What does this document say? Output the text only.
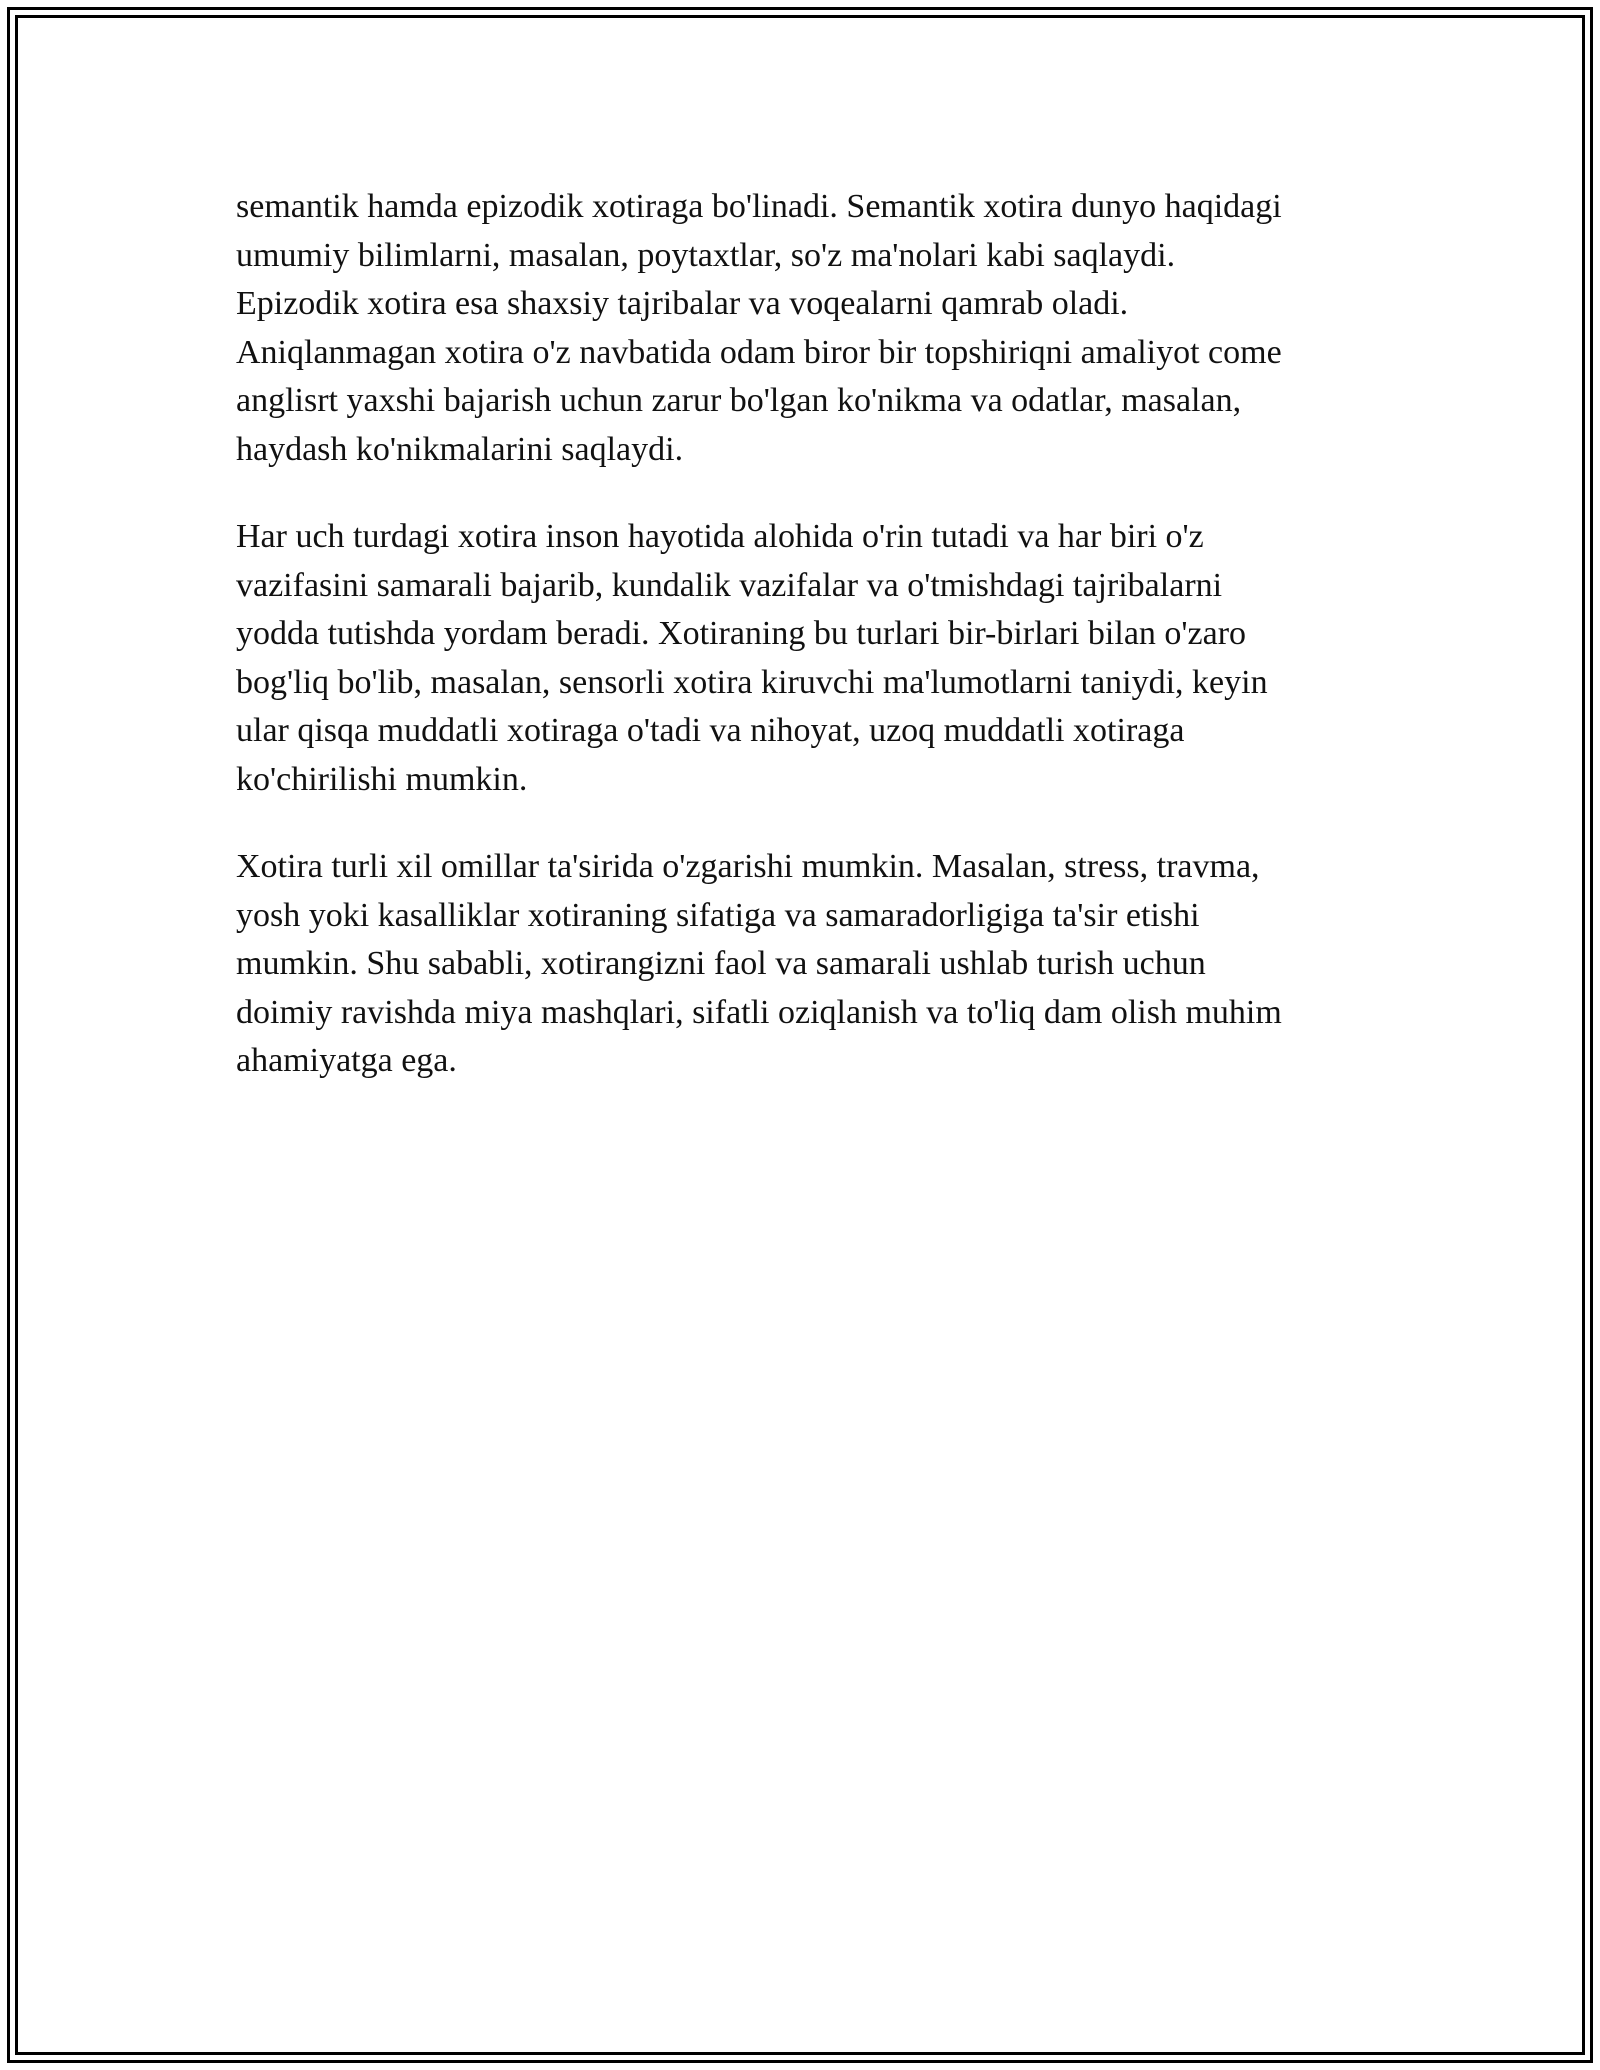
semantik hamda epizodik xotiraga bo'linadi. Semantik xotira dunyo haqidagi
umumiy bilimlarni, masalan, poytaxtlar, so'z ma'nolari kabi saqlaydi.
Epizodik xotira esa shaxsiy tajribalar va voqealarni qamrab oladi.
Aniqlanmagan xotira o'z navbatida odam biror bir topshiriqni amaliyot come
anglisrt yaxshi bajarish uchun zarur bo'lgan ko'nikma va odatlar, masalan,
haydash ko'nikmalarini saqlaydi.

Har uch turdagi xotira inson hayotida alohida o'rin tutadi va har biri o'z
vazifasini samarali bajarib, kundalik vazifalar va o'tmishdagi tajribalarni
yodda tutishda yordam beradi. Xotiraning bu turlari bir-birlari bilan o'zaro
bog'liq bo'lib, masalan, sensorli xotira kiruvchi ma'lumotlarni taniydi, keyin
ular qisqa muddatli xotiraga o'tadi va nihoyat, uzoq muddatli xotiraga
ko'chirilishi mumkin.

Xotira turli xil omillar ta'sirida o'zgarishi mumkin. Masalan, stress, travma,
yosh yoki kasalliklar xotiraning sifatiga va samaradorligiga ta'sir etishi
mumkin. Shu sababli, xotirangizni faol va samarali ushlab turish uchun
doimiy ravishda miya mashqlari, sifatli oziqlanish va to'liq dam olish muhim
ahamiyatga ega.
